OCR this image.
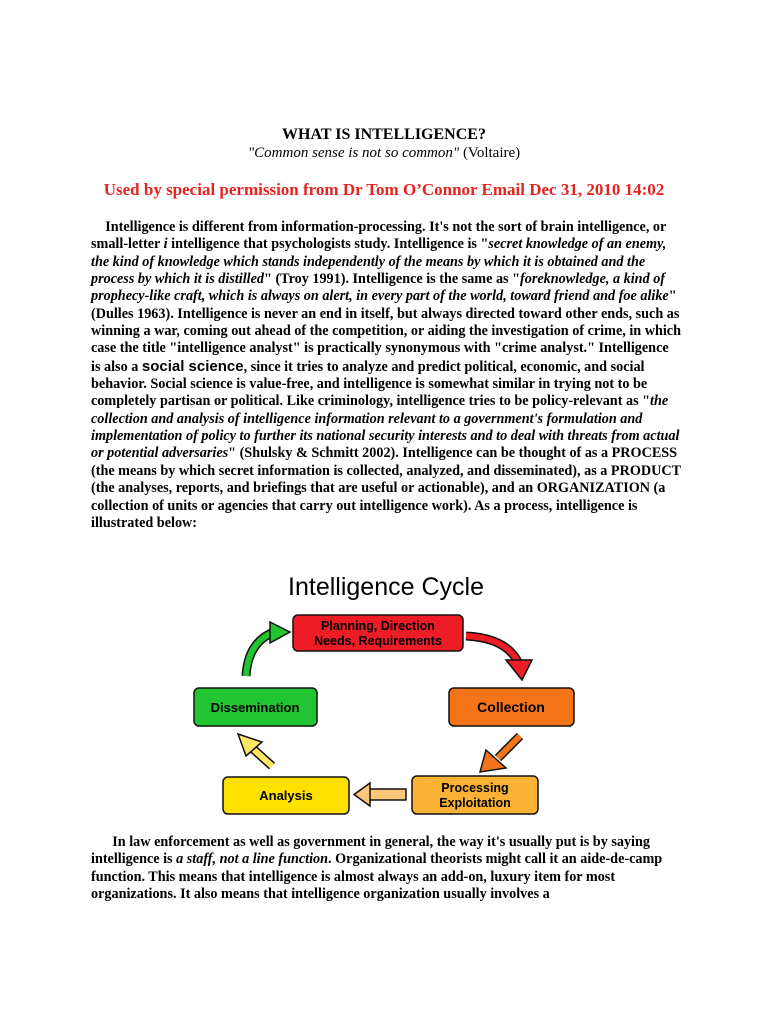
WHAT IS INTELLIGENCE?
"Common sense is not so common" (Voltaire)
Used by special permission from Dr Tom O’Connor Email Dec 31, 2010 14:02

Intelligence is different from information-processing. It's not the sort of brain intelligence, or small-letter i intelligence that psychologists study. Intelligence is "secret knowledge of an enemy, the kind of knowledge which stands independently of the means by which it is obtained and the process by which it is distilled" (Troy 1991). Intelligence is the same as "foreknowledge, a kind of prophecy-like craft, which is always on alert, in every part of the world, toward friend and foe alike" (Dulles 1963). Intelligence is never an end in itself, but always directed toward other ends, such as winning a war, coming out ahead of the competition, or aiding the investigation of crime, in which case the title "intelligence analyst" is practically synonymous with "crime analyst." Intelligence is also a social science, since it tries to analyze and predict political, economic, and social behavior. Social science is value-free, and intelligence is somewhat similar in trying not to be completely partisan or political. Like criminology, intelligence tries to be policy-relevant as "the collection and analysis of intelligence information relevant to a government's formulation and implementation of policy to further its national security interests and to deal with threats from actual or potential adversaries" (Shulsky & Schmitt 2002). Intelligence can be thought of as a PROCESS (the means by which secret information is collected, analyzed, and disseminated), as a PRODUCT (the analyses, reports, and briefings that are useful or actionable), and an ORGANIZATION (a collection of units or agencies that carry out intelligence work). As a process, intelligence is illustrated below:

Intelligence Cycle
Planning, Direction
Needs, Requirements
Collection
Processing
Exploitation
Analysis
Dissemination

In law enforcement as well as government in general, the way it's usually put is by saying intelligence is a staff, not a line function. Organizational theorists might call it an aide-de-camp function. This means that intelligence is almost always an add-on, luxury item for most organizations. It also means that intelligence organization usually involves a
